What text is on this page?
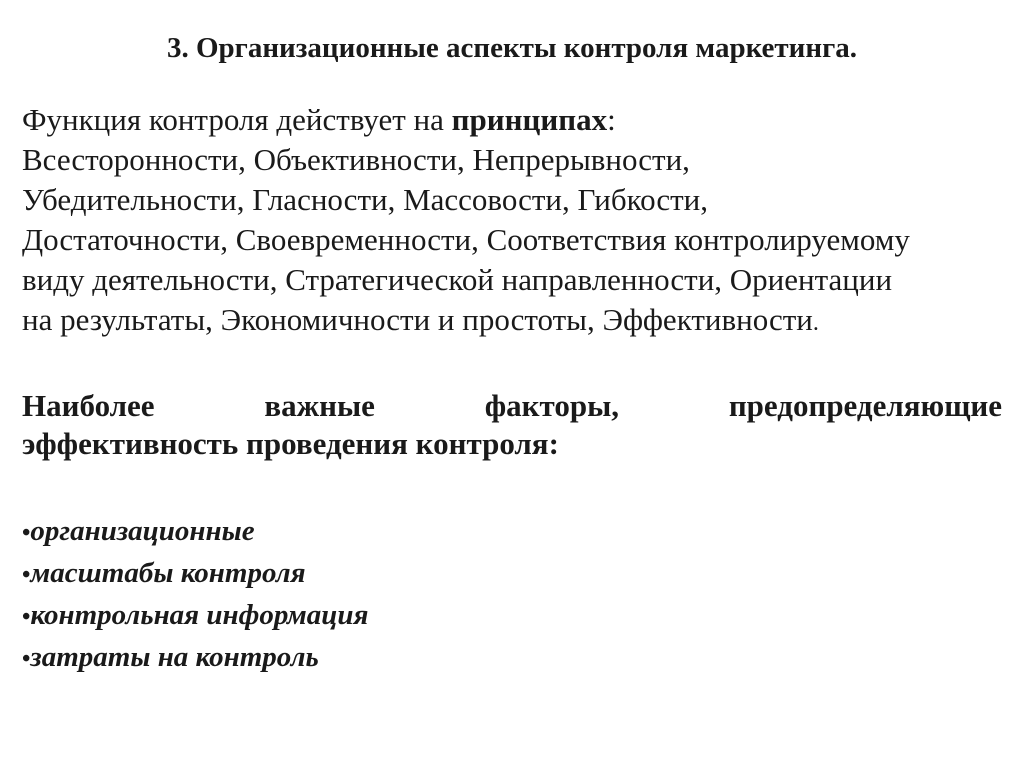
3. Организационные аспекты контроля маркетинга.

Функция контроля действует на принципах:
Всесторонности, Объективности, Непрерывности,
Убедительности, Гласности, Массовости, Гибкости,
Достаточности, Своевременности, Соответствия контролируемому
виду деятельности, Стратегической направленности, Ориентации
на результаты, Экономичности и простоты, Эффективности.

Наиболее важные факторы, предопределяющие
эффективность проведения контроля:

•организационные
•масштабы контроля
•контрольная информация
•затраты на контроль
